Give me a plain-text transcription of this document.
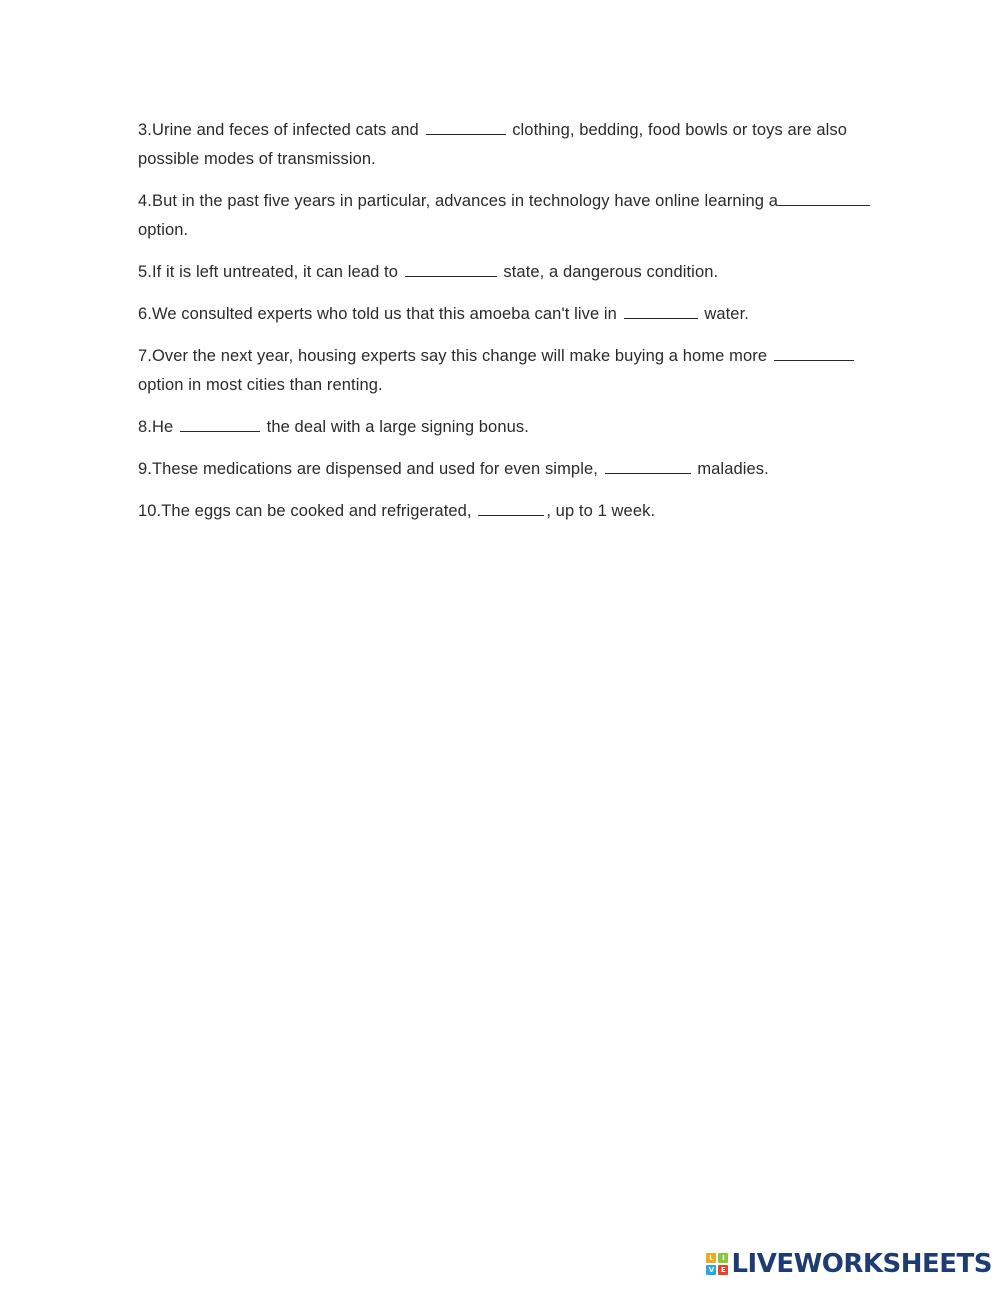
3.Urine and feces of infected cats and	clothing, bedding, food bowls or toys are also possible modes of transmission.

4.But in the past five years in particular, advances in technology have online learning a option.

5.If it is left untreated, it can lead to	state, a dangerous condition.

6.We consulted experts who told us that this amoeba can't live in	water.

7.Over the next year, housing experts say this change will make buying a home more  option in most cities than renting.

8.He	the deal with a large signing bonus.

9.These medications are dispensed and used for even simple,	maladies.

10.The eggs can be cooked and refrigerated,	, up to 1 week.

L	I
V E LIVEWORKSHEETS
